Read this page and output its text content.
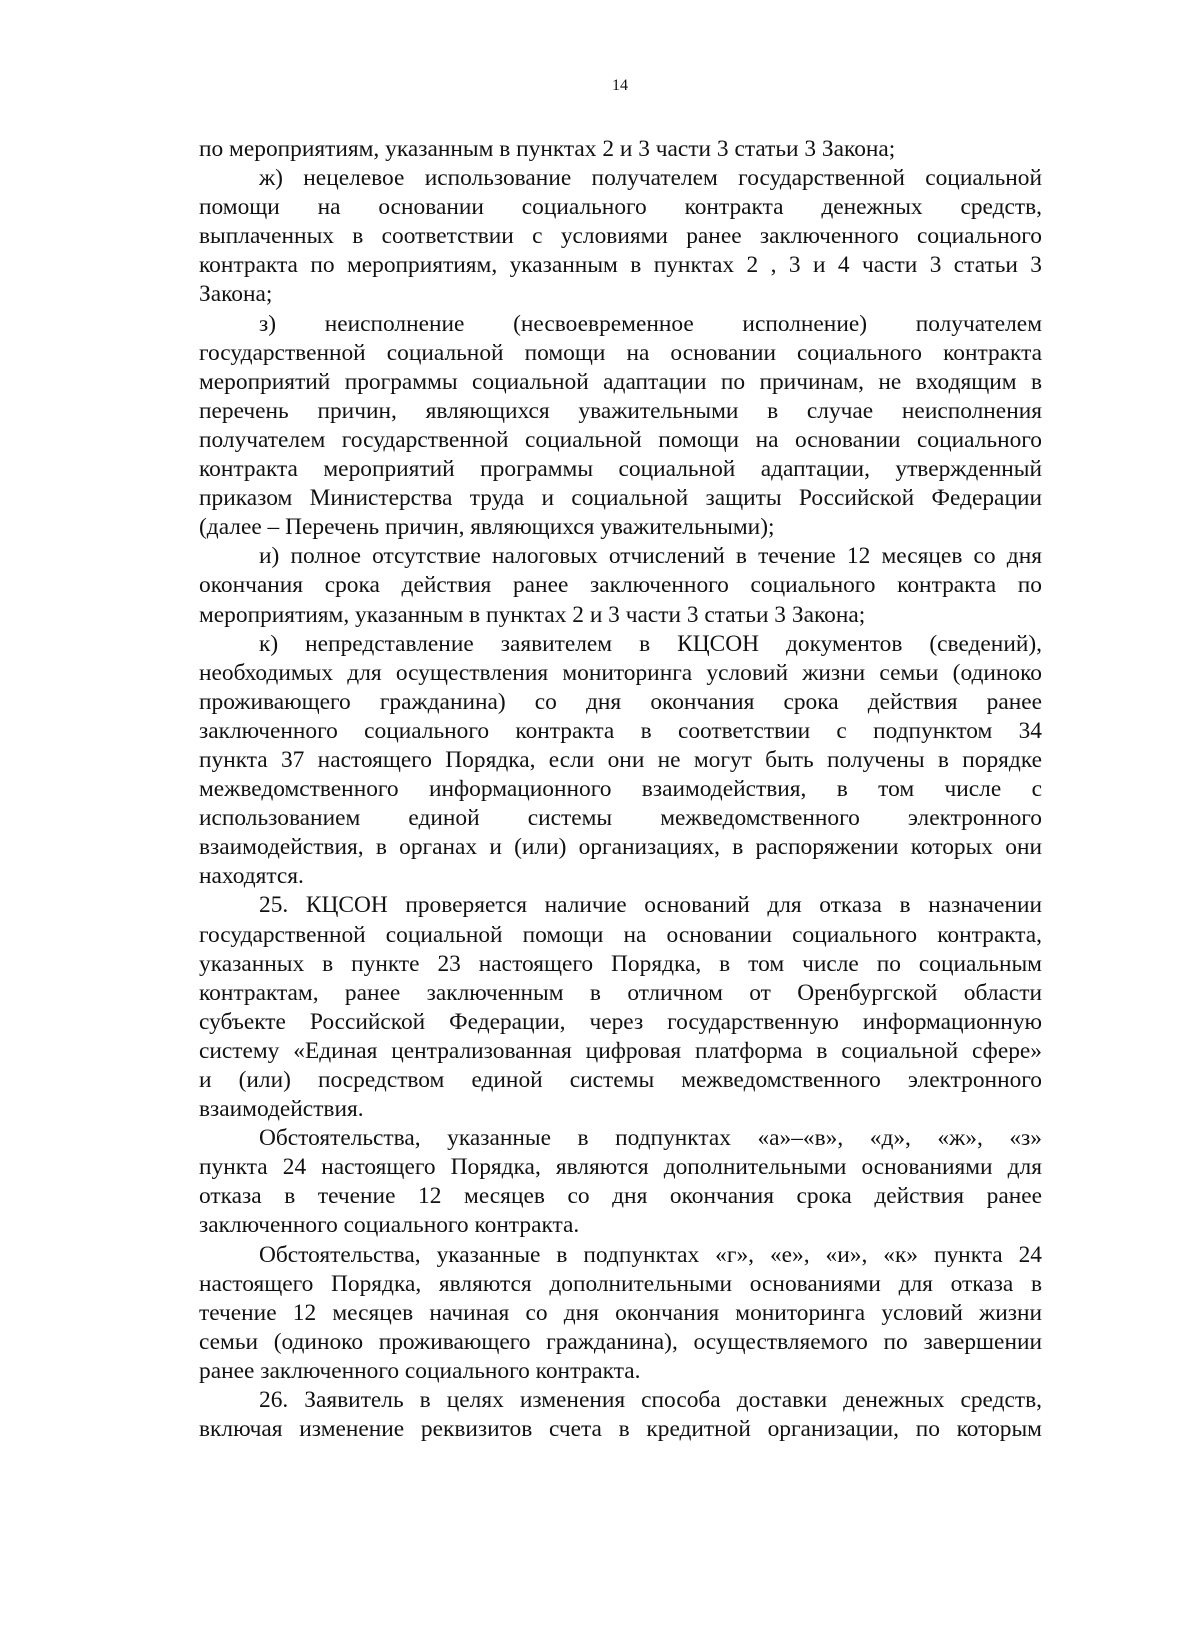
14

по мероприятиям, указанным в пунктах 2 и 3 части 3 статьи 3 Закона;

ж) нецелевое использование получателем государственной социальной

помощи на основании социального контракта денежных средств,

выплаченных в соответствии с условиями ранее заключенного социального

контракта по мероприятиям, указанным в пунктах 2 , 3 и 4 части 3 статьи 3

Закона;

з) неисполнение (несвоевременное исполнение) получателем

государственной социальной помощи на основании социального контракта

мероприятий программы социальной адаптации по причинам, не входящим в

перечень причин, являющихся уважительными в случае неисполнения

получателем государственной социальной помощи на основании социального

контракта мероприятий программы социальной адаптации, утвержденный

приказом Министерства труда и социальной защиты Российской Федерации

(далее – Перечень причин, являющихся уважительными);

и) полное отсутствие налоговых отчислений в течение 12 месяцев со дня

окончания срока действия ранее заключенного социального контракта по

мероприятиям, указанным в пунктах 2 и 3 части 3 статьи 3 Закона;

к) непредставление заявителем в КЦСОН документов (сведений),

необходимых для осуществления мониторинга условий жизни семьи (одиноко

проживающего гражданина) со дня окончания срока действия ранее

заключенного социального контракта в соответствии с подпунктом 34

пункта 37 настоящего Порядка, если они не могут быть получены в порядке

межведомственного информационного взаимодействия, в том числе с

использованием единой системы межведомственного электронного

взаимодействия, в органах и (или) организациях, в распоряжении которых они

находятся.

25. КЦСОН проверяется наличие оснований для отказа в назначении

государственной социальной помощи на основании социального контракта,

указанных в пункте 23 настоящего Порядка, в том числе по социальным

контрактам, ранее заключенным в отличном от Оренбургской области

субъекте Российской Федерации, через государственную информационную

систему «Единая централизованная цифровая платформа в социальной сфере»

и (или) посредством единой системы межведомственного электронного

взаимодействия.

Обстоятельства, указанные в подпунктах «а»–«в», «д», «ж», «з»

пункта 24 настоящего Порядка, являются дополнительными основаниями для

отказа в течение 12 месяцев со дня окончания срока действия ранее

заключенного социального контракта.

Обстоятельства, указанные в подпунктах «г», «е», «и», «к» пункта 24

настоящего Порядка, являются дополнительными основаниями для отказа в

течение 12 месяцев начиная со дня окончания мониторинга условий жизни

семьи (одиноко проживающего гражданина), осуществляемого по завершении

ранее заключенного социального контракта.

26. Заявитель в целях изменения способа доставки денежных средств,

включая изменение реквизитов счета в кредитной организации, по которым
